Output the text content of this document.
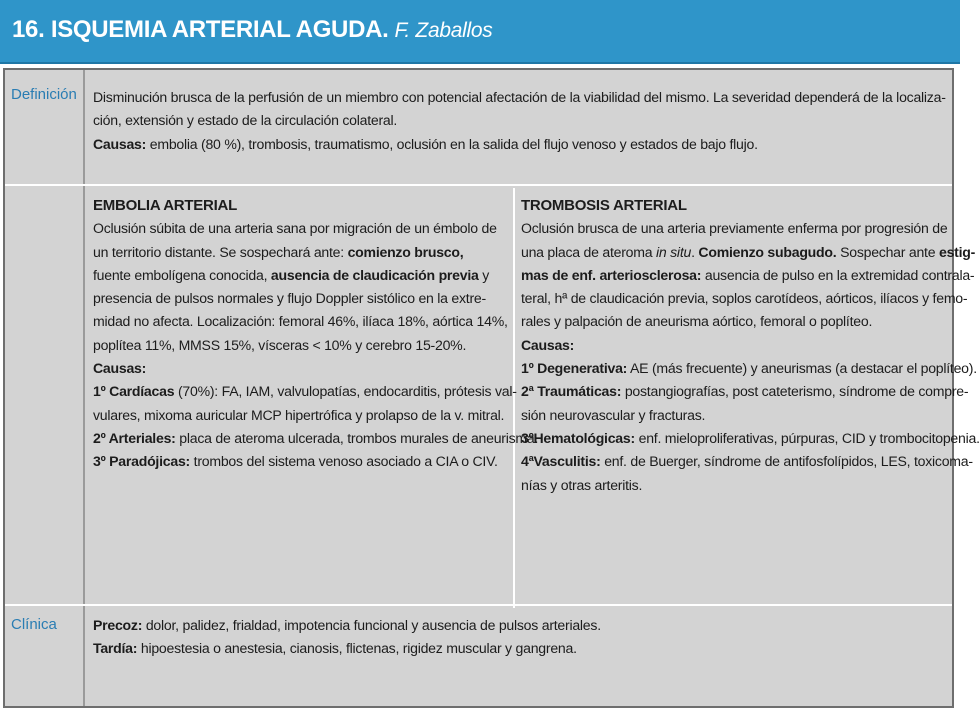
16. ISQUEMIA ARTERIAL AGUDA. F. Zaballos
Definición Disminución brusca de la perfusión de un miembro con potencial afectación de la viabilidad del mismo. La severidad dependerá de la localiza-

ción, extensión y estado de la circulación colateral.

Causas: embolia (80 %), trombosis, traumatismo, oclusión en la salida del flujo venoso y estados de bajo flujo.

EMBOLIA ARTERIAL

Oclusión súbita de una arteria sana por migración de un émbolo de

un territorio distante. Se sospechará ante: comienzo brusco,

fuente embolígena conocida, ausencia de claudicación previa y

presencia de pulsos normales y flujo Doppler sistólico en la extre-

midad no afecta. Localización: femoral 46%, ilíaca 18%, aórtica 14%,

poplítea 11%, MMSS 15%, vísceras < 10% y cerebro 15-20%.

Causas:

1º Cardíacas (70%): FA, IAM, valvulopatías, endocarditis, prótesis val-

vulares, mixoma auricular MCP hipertrófica y prolapso de la v. mitral.

2º Arteriales: placa de ateroma ulcerada, trombos murales de aneurisma.

3º Paradójicas: trombos del sistema venoso asociado a CIA o CIV.

TROMBOSIS ARTERIAL

Oclusión brusca de una arteria previamente enferma por progresión de

una placa de ateroma in situ. Comienzo subagudo. Sospechar ante estig-

mas de enf. arteriosclerosa: ausencia de pulso en la extremidad contrala-

teral, hª de claudicación previa, soplos carotídeos, aórticos, ilíacos y femo-

rales y palpación de aneurisma aórtico, femoral o poplíteo.

Causas:

1º Degenerativa: AE (más frecuente) y aneurismas (a destacar el poplíteo).

2ª Traumáticas: postangiografías, post cateterismo, síndrome de compre-

sión neurovascular y fracturas.

3ºHematológicas: enf. mieloproliferativas, púrpuras, CID y trombocitopenia.

4ªVasculitis: enf. de Buerger, síndrome de antifosfolípidos, LES, toxicoma-

nías y otras arteritis.

Clínica	Precoz: dolor, palidez, frialdad, impotencia funcional y ausencia de pulsos arteriales.

Tardía: hipoestesia o anestesia, cianosis, flictenas, rigidez muscular y gangrena.
